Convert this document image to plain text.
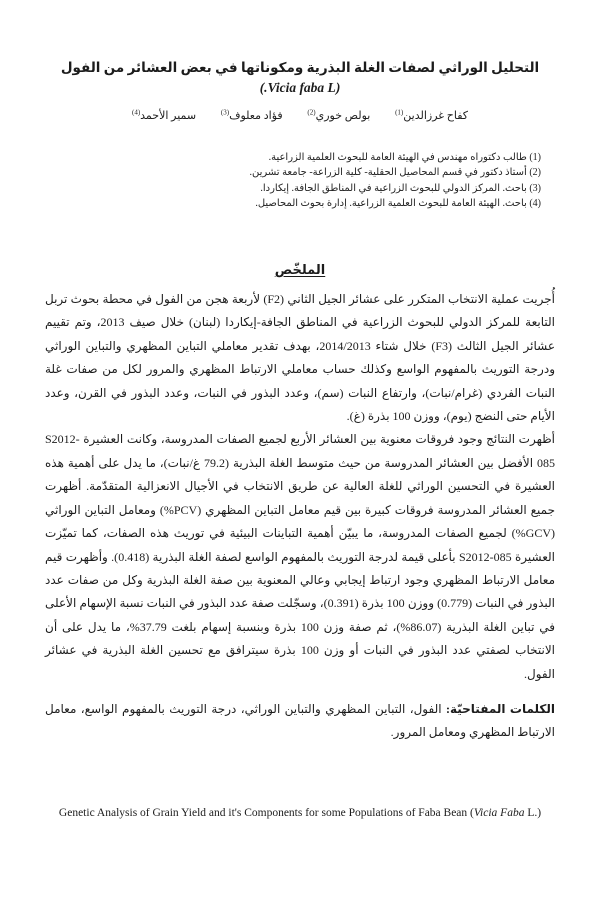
التحليل الوراثي لصفات الغلة البذرية ومكوناتها في بعض العشائر من الفول (Vicia faba L.)
كفاح غرزالدين$^{(1)}$ بولص خوري$^{(2)}$ فؤاد معلوف$^{(3)}$ سمير الأحمد$^{(4)}$
(1) طالب دكتوراه مهندس في الهيئة العامة للبحوث العلمية الزراعية.
(2) أستاذ دكتور في قسم المحاصيل الحقلية- كلية الزراعة- جامعة تشرين.
(3) باحث. المركز الدولي للبحوث الزراعية في المناطق الجافة. إيكاردا.
(4) باحث. الهيئة العامة للبحوث العلمية الزراعية. إدارة بحوث المحاصيل.
الملخّص

أُجريت عملية الانتخاب المتكرر على عشائر الجيل الثاني (F2) لأربعة هجن من الفول في محطة بحوث تربل التابعة للمركز الدولي للبحوث الزراعية في المناطق الجافة-إيكاردا (لبنان) خلال صيف 2013، وتم تقييم عشائر الجيل الثالث (F3) خلال شتاء 2014/2013، بهدف تقدير معاملي التباين المظهري والتباين الوراثي ودرجة التوريث بالمفهوم الواسع وكذلك حساب معاملي الارتباط المظهري والمرور لكل من صفات غلة النبات الفردي (غرام/نبات)، وارتفاع النبات (سم)، وعدد البذور في النبات، وعدد البذور في القرن، وعدد الأيام حتى النضج (يوم)، ووزن 100 بذرة (غ).

أظهرت النتائج وجود فروقات معنوية بين العشائر الأربع لجميع الصفات المدروسة، وكانت العشيرة S2012-085 الأفضل بين العشائر المدروسة من حيث متوسط الغلة البذرية (79.2 غ/نبات)، ما يدل على أهمية هذه العشيرة في التحسين الوراثي للغلة العالية عن طريق الانتخاب في الأجيال الانعزالية المتقدّمة. أظهرت جميع العشائر المدروسة فروقات كبيرة بين قيم معامل التباين المظهري (PCV%) ومعامل التباين الوراثي (GCV%) لجميع الصفات المدروسة، ما يبيّن أهمية التباينات البيئية في توريث هذه الصفات، كما تميّزت العشيرة S2012-085 بأعلى قيمة لدرجة التوريث بالمفهوم الواسع لصفة الغلة البذرية (0.418). وأظهرت قيم معامل الارتباط المظهري وجود ارتباط إيجابي وعالي المعنوية بين صفة الغلة البذرية وكل من صفات عدد البذور في النبات (0.779) ووزن 100 بذرة (0.391)، وسجّلت صفة عدد البذور في النبات نسبة الإسهام الأعلى في تباين الغلة البذرية (86.07%)، ثم صفة وزن 100 بذرة وبنسبة إسهام بلغت 37.79%، ما يدل على أن الانتخاب لصفتي عدد البذور في النبات أو وزن 100 بذرة سيترافق مع تحسين الغلة البذرية في عشائر الفول.

الكلمات المفتاحيّة: الفول، التباين المظهري والتباين الوراثي، درجة التوريث بالمفهوم الواسع، معامل الارتباط المظهري ومعامل المرور.

Genetic Analysis of Grain Yield and it's Components for some Populations of Faba Bean (Vicia Faba L.)
